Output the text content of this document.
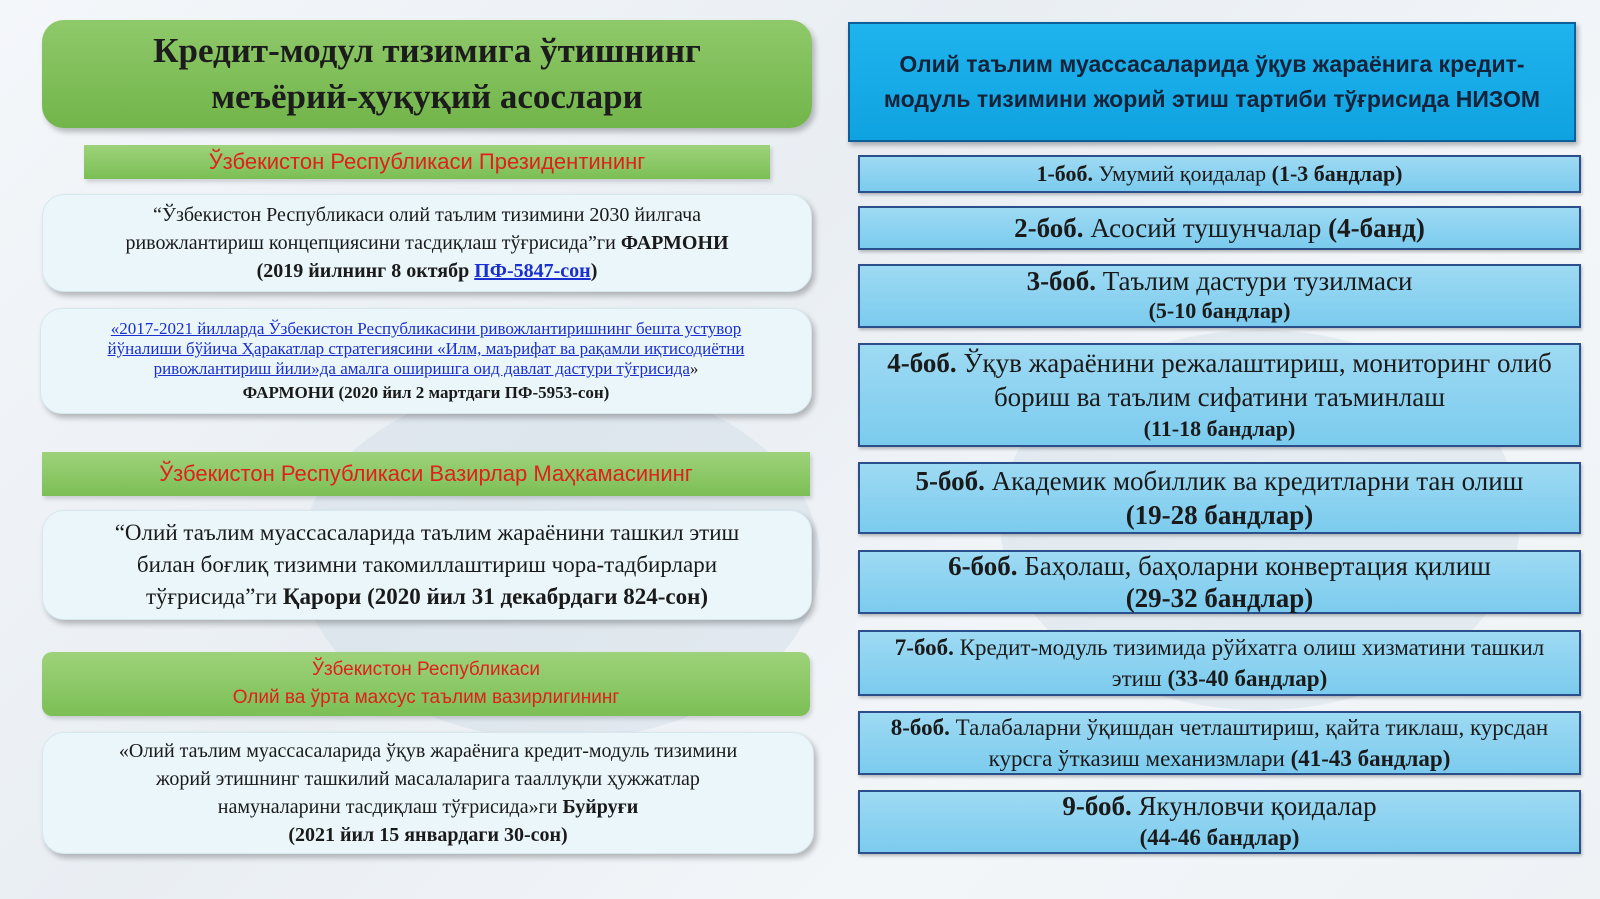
Кредит-модул тизимига ўтишнинг
меъёрий-ҳуқуқий асослари
Ўзбекистон Республикаси Президентининг

“Ўзбекистон Республикаси олий таълим тизимини 2030 йилгача

ривожлантириш концепциясини тасдиқлаш тўғрисида”ги ФАРМОНИ

(2019 йилнинг 8 октябр ПФ-5847-сон)

«2017-2021 йилларда Ўзбекистон Республикасини ривожлантиришнинг бешта устувор

йўналиши бўйича Ҳаракатлар стратегиясини «Илм, маърифат ва рақамли иқтисодиётни

ривожлантириш йили»да амалга оширишга оид давлат дастури тўғрисида»

ФАРМОНИ (2020 йил 2 мартдаги ПФ-5953-сон)

Ўзбекистон Республикаси Вазирлар Маҳкамасининг

“Олий таълим муассасаларида таълим жараёнини ташкил этиш

билан боғлиқ тизимни такомиллаштириш чора-тадбирлари

тўғрисида”ги Қарори (2020 йил 31 декабрдаги 824-сон)

Ўзбекистон Республикаси
Олий ва ўрта махсус таълим вазирлигининг

«Олий таълим муассасаларида ўқув жараёнига кредит-модуль тизимини

жорий этишнинг ташкилий масалаларига тааллуқли ҳужжатлар

намуналарини тасдиқлаш тўғрисида»ги Буйруғи

(2021 йил 15 январдаги 30-сон)

Олий таълим муассасаларида ўқув жараёнига кредит-модуль тизимини жорий этиш тартиби тўғрисида НИЗОМ

1-боб. Умумий қоидалар (1-3 бандлар)

2-боб. Асосий тушунчалар (4-банд)

3-боб. Таълим дастури тузилмаси

(5-10 бандлар)

4-боб. Ўқув жараёнини режалаштириш, мониторинг олиб бориш ва таълим сифатини таъминлаш

(11-18 бандлар)

5-боб. Академик мобиллик ва кредитларни тан олиш

(19-28 бандлар)

6-боб. Баҳолаш, баҳоларни конвертация қилиш

(29-32 бандлар)

7-боб. Кредит-модуль тизимида рўйхатга олиш хизматини ташкил этиш (33-40 бандлар)

8-боб. Талабаларни ўқишдан четлаштириш, қайта тиклаш, курсдан курсга ўтказиш механизмлари (41-43 бандлар)

9-боб. Якунловчи қоидалар

(44-46 бандлар)
